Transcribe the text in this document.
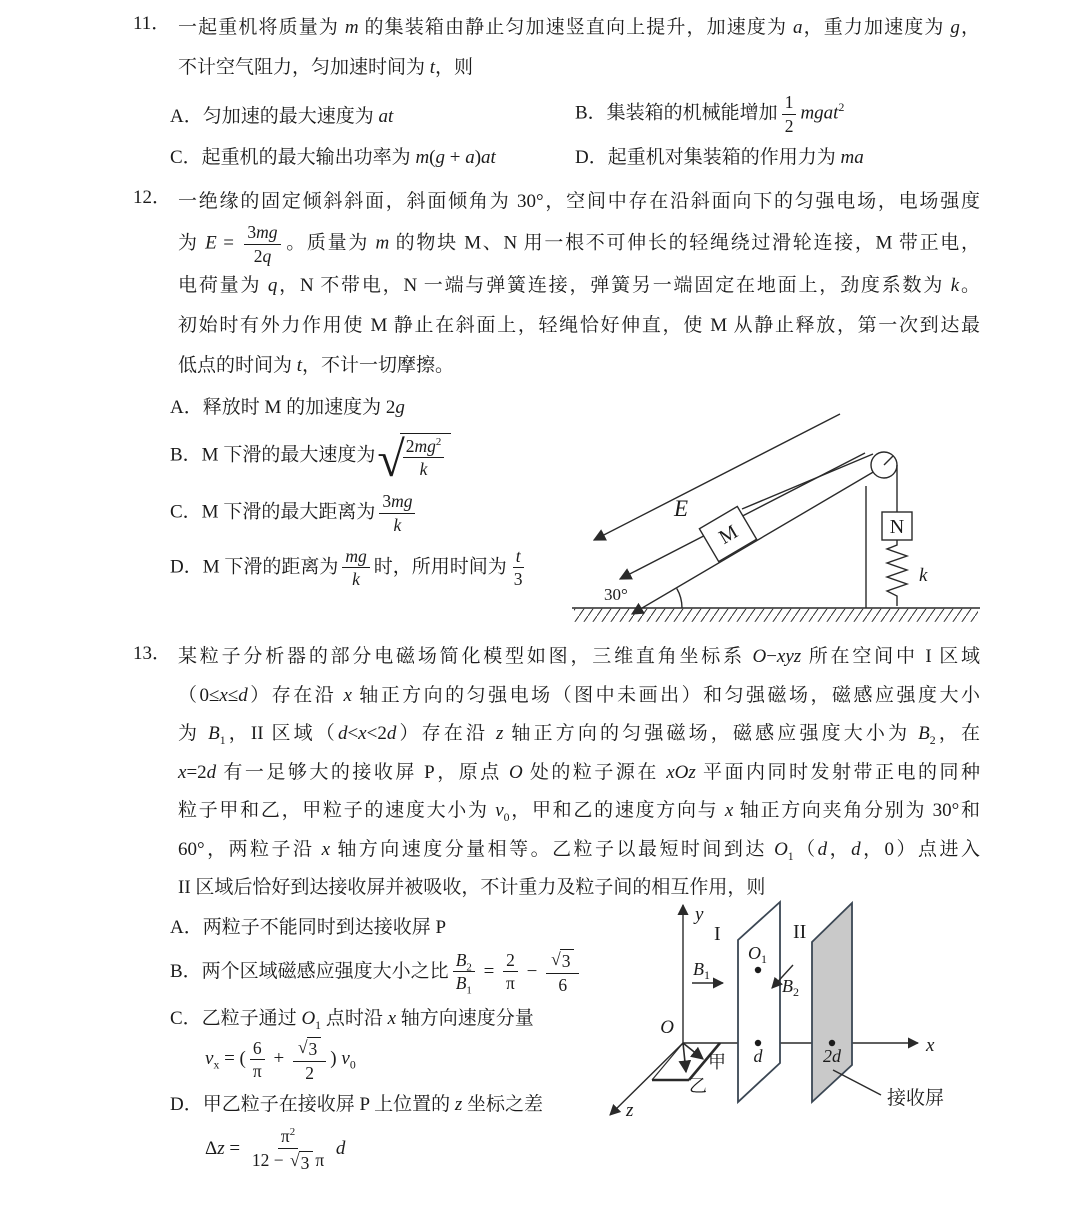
11． 一起重机将质量为 m 的集装箱由静止匀加速竖直向上提升，加速度为 a，重力加速度为 g，
不计空气阻力，匀加速时间为 t，则
A．匀加速的最大速度为 at	B．集装箱的机械能增加 $\frac{1}{2}$ mgat$^2$
C．起重机的最大输出功率为 m(g + a)at	D．起重机对集装箱的作用力为 ma
12． 一绝缘的固定倾斜斜面，斜面倾角为 30°，空间中存在沿斜面向下的匀强电场，电场强度
为 $E = \frac{3mg}{2q}$ 。质量为 m 的物块 M、N 用一根不可伸长的轻绳绕过滑轮连接，M 带正电，
电荷量为 q，N 不带电，N 一端与弹簧连接，弹簧另一端固定在地面上，劲度系数为 k。
初始时有外力作用使 M 静止在斜面上，轻绳恰好伸直，使 M 从静止释放，第一次到达最
低点的时间为 t，不计一切摩擦。
A．释放时 M 的加速度为 2g
B．M 下滑的最大速度为 √ $\frac{2mg^2}{k}$
C．M 下滑的最大距离为 $\frac{3mg}{k}$
D．M 下滑的距离为 $\frac{mg}{k}$ 时，所用时间为 $\frac{t}{3}$
E
M	N
k
30°
13． 某粒子分析器的部分电磁场简化模型如图，三维直角坐标系 O−xyz 所在空间中 I 区域
（0≤x≤d）存在沿 x 轴正方向的匀强电场（图中未画出）和匀强磁场，磁感应强度大小
为 $B_1$，II 区域（d<x<2d）存在沿 z 轴正方向的匀强磁场，磁感应强度大小为 $B_2$，在
x=2d 有一足够大的接收屏 P，原点 O 处的粒子源在 xOz 平面内同时发射带正电的同种
粒子甲和乙，甲粒子的速度大小为 $v_0$，甲和乙的速度方向与 x 轴正方向夹角分别为 30°和
60°，两粒子沿 x 轴方向速度分量相等。乙粒子以最短时间到达 $O_1(d$，d，0）点进入
II 区域后恰好到达接收屏并被吸收，不计重力及粒子间的相互作用，则
A．两粒子不能同时到达接收屏 P
B．两个区域磁感应强度大小之比 $\frac{B_2}{B_1} = \frac{2}{\pi} - \frac{√ 3}{6}$
C．乙粒子通过 $O_1$ 点时沿 x 轴方向速度分量
$v_x$ = ( $\frac{6}{\pi} + \frac{√ 3}{2}$ ) $v_0$
D．甲乙粒子在接收屏 P 上位置的 z 坐标之差
$\Delta z = \frac{\pi^2}{12 - √ 3 \pi}$ d
y
x
z
O
I	II
$B_1$
$B_2$
$O_1$
d	2d
甲
乙
接收屏
